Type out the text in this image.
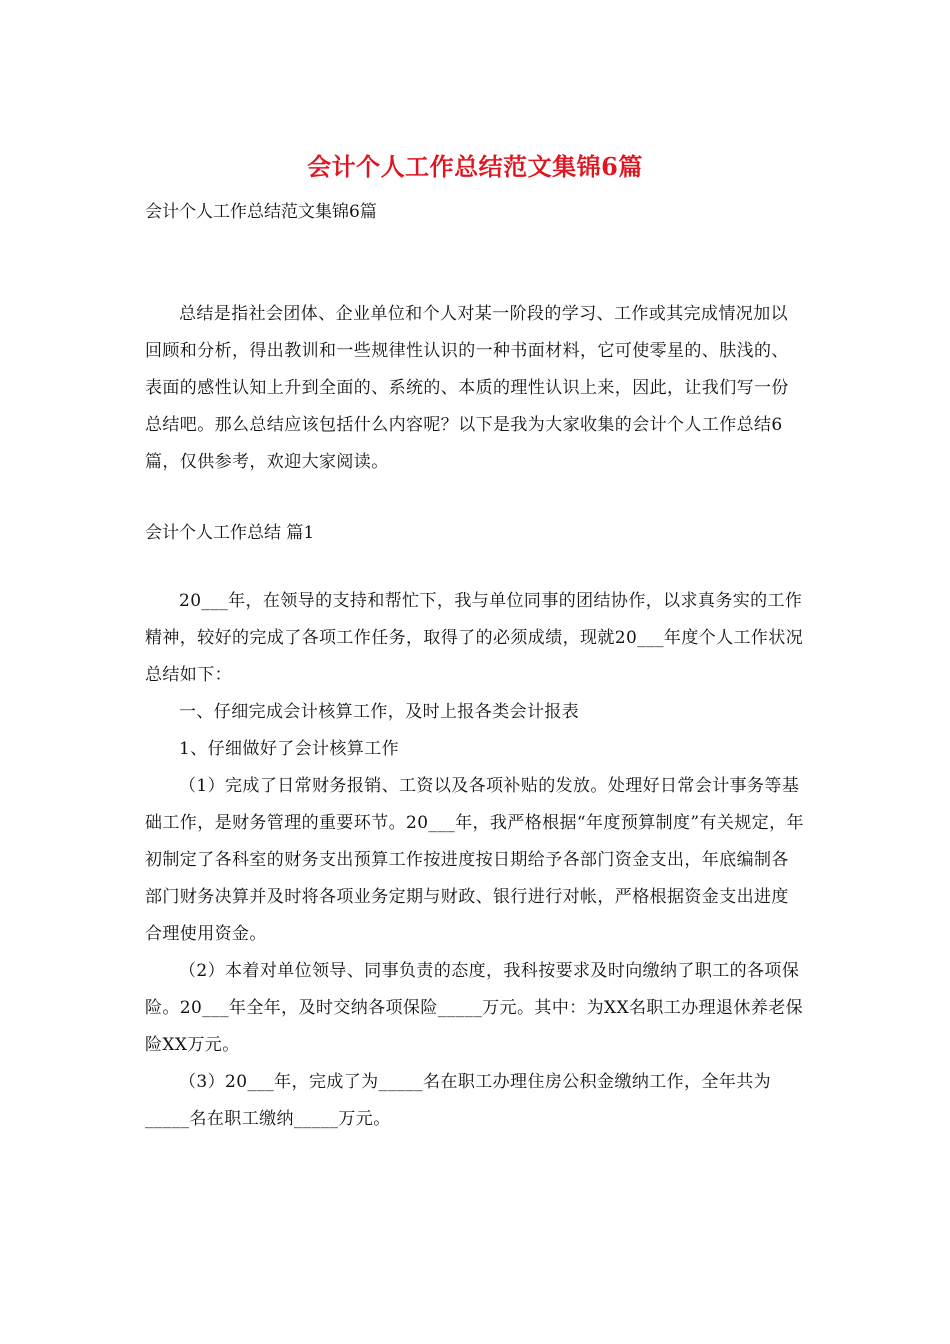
会计个人工作总结范文集锦6篇
会计个人工作总结范文集锦6篇

总结是指社会团体、企业单位和个人对某一阶段的学习、工作或其完成情况加以回顾和分析，得出教训和一些规律性认识的一种书面材料，它可使零星的、肤浅的、表面的感性认知上升到全面的、系统的、本质的理性认识上来，因此，让我们写一份总结吧。那么总结应该包括什么内容呢？以下是我为大家收集的会计个人工作总结6篇，仅供参考，欢迎大家阅读。

会计个人工作总结 篇1

20___年，在领导的支持和帮忙下，我与单位同事的团结协作，以求真务实的工作精神，较好的完成了各项工作任务，取得了的必须成绩，现就20___年度个人工作状况总结如下：

一、仔细完成会计核算工作，及时上报各类会计报表

1、仔细做好了会计核算工作

（1）完成了日常财务报销、工资以及各项补贴的发放。处理好日常会计事务等基础工作，是财务管理的重要环节。20___年，我严格根据“年度预算制度”有关规定，年初制定了各科室的财务支出预算工作按进度按日期给予各部门资金支出，年底编制各部门财务决算并及时将各项业务定期与财政、银行进行对帐，严格根据资金支出进度合理使用资金。

（2）本着对单位领导、同事负责的态度，我科按要求及时向缴纳了职工的各项保险。20___年全年，及时交纳各项保险_____万元。其中：为XX名职工办理退休养老保险XX万元。

（3）20___年，完成了为_____名在职工办理住房公积金缴纳工作，全年共为_____名在职工缴纳_____万元。
